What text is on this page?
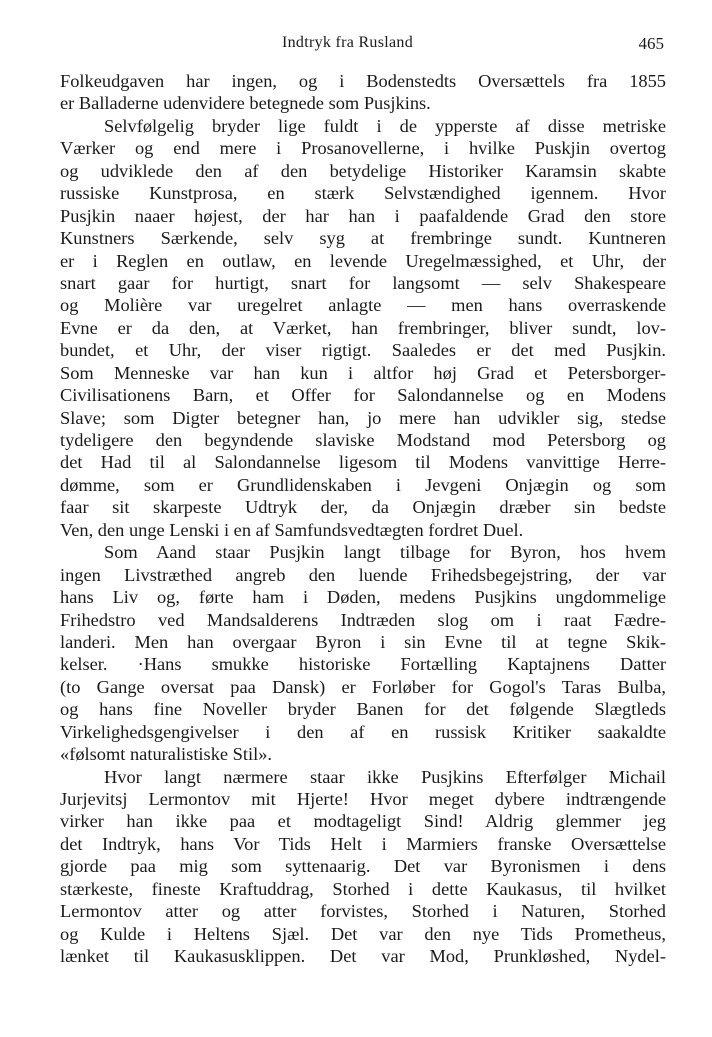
Indtryk fra Rusland	465
Folkeudgaven har ingen, og i Bodenstedts Oversættels fra 1855
er Balladerne udenvidere betegnede som Pusjkins.
Selvfølgelig bryder lige fuldt i de ypperste af disse metriske
Værker og end mere i Prosanovellerne, i hvilke Puskjin overtog
og udviklede den af den betydelige Historiker Karamsin skabte
russiske Kunstprosa, en stærk Selvstændighed igennem. Hvor
Pusjkin naaer højest, der har han i paafaldende Grad den store
Kunstners Særkende, selv syg at frembringe sundt. Kuntneren
er i Reglen en outlaw, en levende Uregelmæssighed, et Uhr, der
snart gaar for hurtigt, snart for langsomt — selv Shakespeare
og Molière var uregelret anlagte — men hans overraskende
Evne er da den, at Værket, han frembringer, bliver sundt, lov-
bundet, et Uhr, der viser rigtigt. Saaledes er det med Pusjkin.
Som Menneske var han kun i altfor høj Grad et Petersborger-
Civilisationens Barn, et Offer for Salondannelse og en Modens
Slave; som Digter betegner han, jo mere han udvikler sig, stedse
tydeligere den begyndende slaviske Modstand mod Petersborg og
det Had til al Salondannelse ligesom til Modens vanvittige Herre-
dømme, som er Grundlidenskaben i Jevgeni Onjægin og som
faar sit skarpeste Udtryk der, da Onjægin dræber sin bedste
Ven, den unge Lenski i en af Samfundsvedtægten fordret Duel.
Som Aand staar Pusjkin langt tilbage for Byron, hos hvem
ingen Livstræthed angreb den luende Frihedsbegejstring, der var
hans Liv og, førte ham i Døden, medens Pusjkins ungdommelige
Frihedstro ved Mandsalderens Indtræden slog om i raat Fædre-
landeri. Men han overgaar Byron i sin Evne til at tegne Skik-
kelser. ·Hans smukke historiske Fortælling Kaptajnens Datter
(to Gange oversat paa Dansk) er Forløber for Gogol's Taras Bulba,
og hans fine Noveller bryder Banen for det følgende Slægtleds
Virkelighedsgengivelser i den af en russisk Kritiker saakaldte
«følsomt naturalistiske Stil».
Hvor langt nærmere staar ikke Pusjkins Efterfølger Michail
Jurjevitsj Lermontov mit Hjerte! Hvor meget dybere indtrængende
virker han ikke paa et modtageligt Sind! Aldrig glemmer jeg
det Indtryk, hans Vor Tids Helt i Marmiers franske Oversættelse
gjorde paa mig som syttenaarig. Det var Byronismen i dens
stærkeste, fineste Kraftuddrag, Storhed i dette Kaukasus, til hvilket
Lermontov atter og atter forvistes, Storhed i Naturen, Storhed
og Kulde i Heltens Sjæl. Det var den nye Tids Prometheus,
lænket til Kaukasusklippen. Det var Mod, Prunkløshed, Nydel-
